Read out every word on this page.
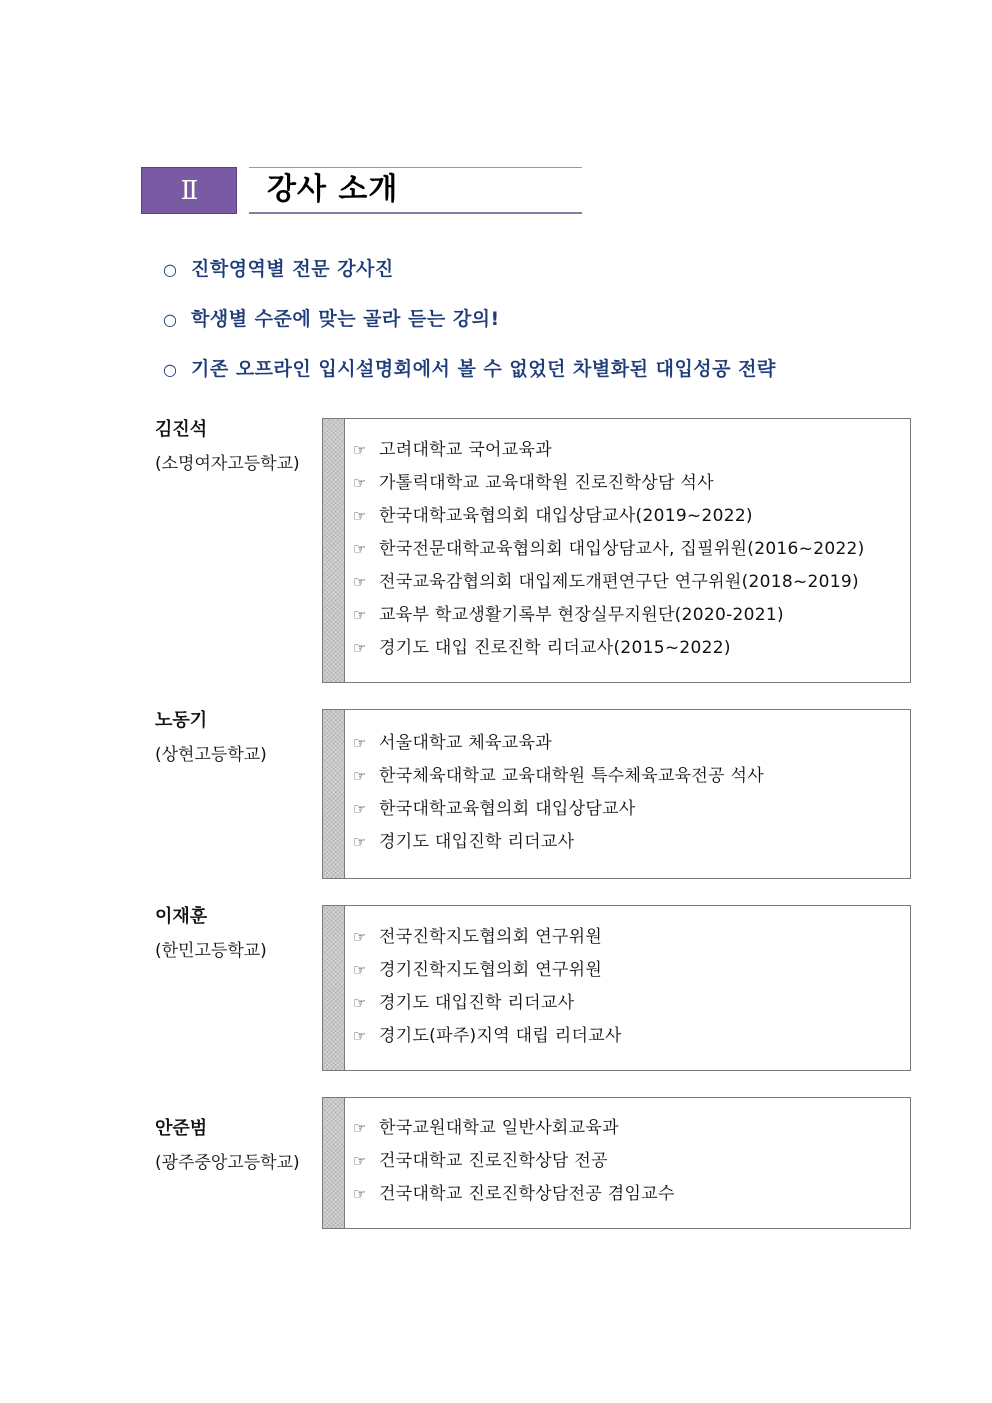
Ⅱ	강사 소개
○ 진학영역별 전문 강사진
○ 학생별 수준에 맞는 골라 듣는 강의!
○ 기존 오프라인 입시설명회에서 볼 수 없었던 차별화된 대입성공 전략
김진석
(소명여자고등학교)
☞ 고려대학교 국어교육과
☞ 가톨릭대학교 교육대학원 진로진학상담 석사
☞ 한국대학교육협의회 대입상담교사(2019~2022)
☞ 한국전문대학교육협의회 대입상담교사, 집필위원(2016~2022)
☞ 전국교육감협의회 대입제도개편연구단 연구위원(2018~2019)
☞ 교육부 학교생활기록부 현장실무지원단(2020-2021)
☞ 경기도 대입 진로진학 리더교사(2015~2022)
노동기
(상현고등학교)
☞ 서울대학교 체육교육과
☞ 한국체육대학교 교육대학원 특수체육교육전공 석사
☞ 한국대학교육협의회 대입상담교사
☞ 경기도 대입진학 리더교사
이재훈
(한민고등학교)
☞ 전국진학지도협의회 연구위원
☞ 경기진학지도협의회 연구위원
☞ 경기도 대입진학 리더교사
☞ 경기도(파주)지역 대립 리더교사
안준범
(광주중앙고등학교)
☞ 한국교원대학교 일반사회교육과
☞ 건국대학교 진로진학상담 전공
☞ 건국대학교 진로진학상담전공 겸임교수
